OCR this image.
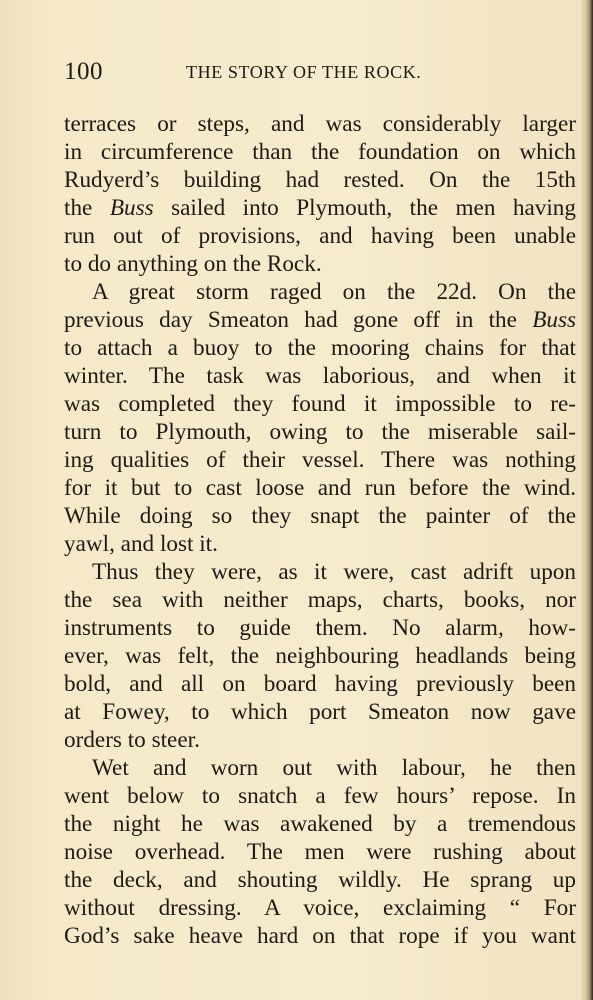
100	THE STORY OF THE ROCK.
terraces or steps, and was considerably larger
in circumference than the foundation on which
Rudyerd’s building had rested. On the 15th
the Buss sailed into Plymouth, the men having
run out of provisions, and having been unable
to do anything on the Rock.
A great storm raged on the 22d. On the
previous day Smeaton had gone off in the Buss
to attach a buoy to the mooring chains for that
winter. The task was laborious, and when it
was completed they found it impossible to re-
turn to Plymouth, owing to the miserable sail-
ing qualities of their vessel. There was nothing
for it but to cast loose and run before the wind.
While doing so they snapt the painter of the
yawl, and lost it.
Thus they were, as it were, cast adrift upon
the sea with neither maps, charts, books, nor
instruments to guide them. No alarm, how-
ever, was felt, the neighbouring headlands being
bold, and all on board having previously been
at Fowey, to which port Smeaton now gave
orders to steer.
Wet and worn out with labour, he then
went below to snatch a few hours’ repose. In
the night he was awakened by a tremendous
noise overhead. The men were rushing about
the deck, and shouting wildly. He sprang up
without dressing. A voice, exclaiming “ For
God’s sake heave hard on that rope if you want
